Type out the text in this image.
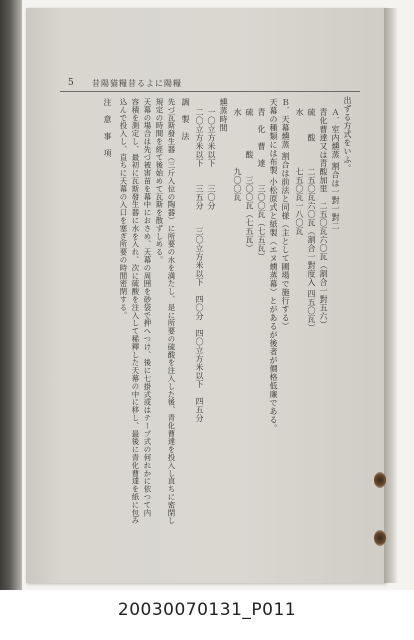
5 昔陽猫糧昔るよに陽糧
出ずる方式をいふ。
Ａ．室内燻蒸 割合は一對一對二
青化曹達又は青酸加里　二五〇瓦六〇瓦（割合一對五六）
硫　　酸　　　二五〇瓦六〇瓦（割合一對度入 四五〇瓦）
水　　　　　　七五〇瓦一八〇瓦
Ｂ．天幕燻蒸 割合は前法と同様（主として圃場で施行する）
天幕の種類には布製 小松原式と紙製（エヌ燻蒸幕）とがあるが後者が價格低廉である。
青　化　曹　達　　三〇〇瓦（七五瓦）
硫　　　　酸　　三〇〇瓦（七五瓦）
水　　　　　　九〇〇瓦
燻蒸時間
一〇立方米以下　　三〇分
二〇立方米以下　　三五分　　三〇立方米以下　四〇分　四〇立方米以下　四五分
調　製　法
先づ瓦斯發生器（三斤入位の陶器）に所要の水を満たし、是に所要の硫酸を注入した後、青化曹達を投入し直ちに密閉し
規定の時間を經て後始めて瓦斯を散ずしめる。
天幕の場合は先づ被害苗を幕中におさめ、天幕の周囲を砂袋で押へつけ、後に七掛式或はテープ式の何れかに依つて内
容積を測定し、最初に瓦斯發生器に水を入れ、次に硫酸を注入して稀釋した天幕の中に移し、最後に青化曹達を紙に包み
込んで投入し、直ちに天幕の入口を塞ぎ所要の時間密閉する。
注　意　事　項
20030070131_P011
